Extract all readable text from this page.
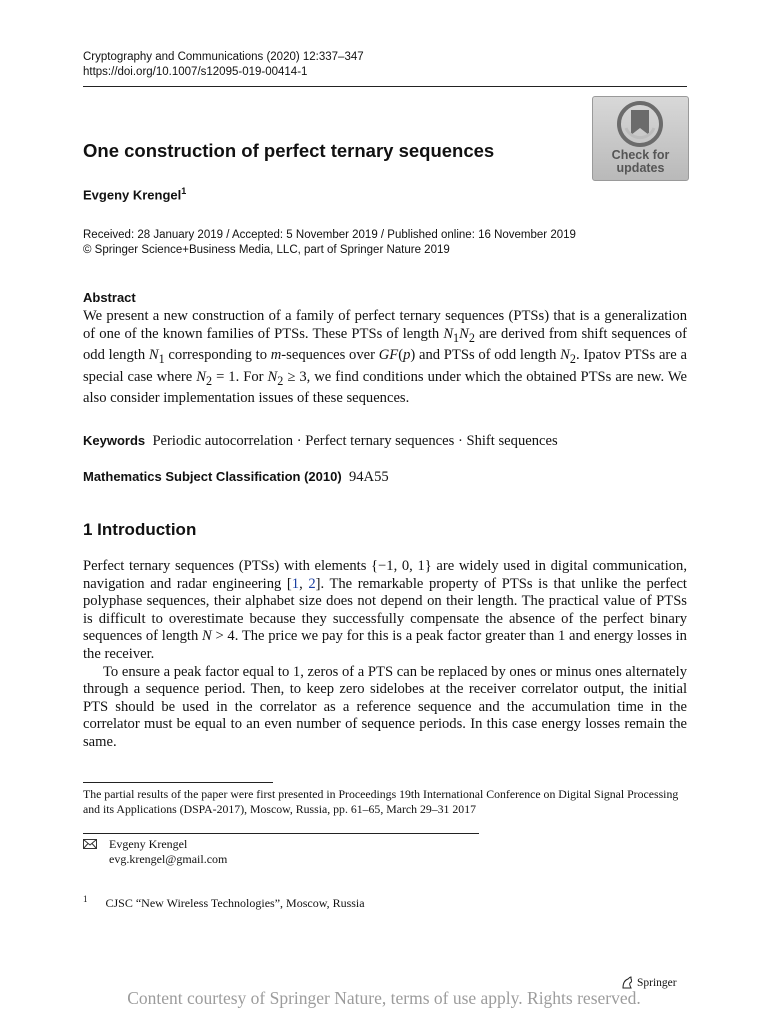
Cryptography and Communications (2020) 12:337–347
https://doi.org/10.1007/s12095-019-00414-1
Check for
updates
One construction of perfect ternary sequences
Evgeny Krengel$^1$
Received: 28 January 2019 / Accepted: 5 November 2019 / Published online: 16 November 2019
© Springer Science+Business Media, LLC, part of Springer Nature 2019
Abstract
We present a new construction of a family of perfect ternary sequences (PTSs) that is a generalization of one of the known families of PTSs. These PTSs of length $N_1N_2$ are derived from shift sequences of odd length $N_1$ corresponding to m-sequences over GF(p) and PTSs of odd length $N_2$. Ipatov PTSs are a special case where $N_2 = 1$. For $N_2 \ge 3$, we find conditions under which the obtained PTSs are new. We also consider implementation issues of these sequences.
Keywords Periodic autocorrelation · Perfect ternary sequences · Shift sequences
Mathematics Subject Classification (2010) 94A55
1 Introduction

Perfect ternary sequences (PTSs) with elements {−1, 0, 1} are widely used in digital communication, navigation and radar engineering [1, 2]. The remarkable property of PTSs is that unlike the perfect polyphase sequences, their alphabet size does not depend on their length. The practical value of PTSs is difficult to overestimate because they successfully compensate the absence of the perfect binary sequences of length N > 4. The price we pay for this is a peak factor greater than 1 and energy losses in the receiver.

To ensure a peak factor equal to 1, zeros of a PTS can be replaced by ones or minus ones alternately through a sequence period. Then, to keep zero sidelobes at the receiver correlator output, the initial PTS should be used in the correlator as a reference sequence and the accumulation time in the correlator must be equal to an even number of sequence periods. In this case energy losses remain the same.

The partial results of the paper were first presented in Proceedings 19th International Conference on Digital Signal Processing and its Applications (DSPA-2017), Moscow, Russia, pp. 61–65, March 29–31 2017
Evgeny Krengel
evg.krengel@gmail.com
$^1$ CJSC “New Wireless Technologies”, Moscow, Russia
Springer
Content courtesy of Springer Nature, terms of use apply. Rights reserved.
